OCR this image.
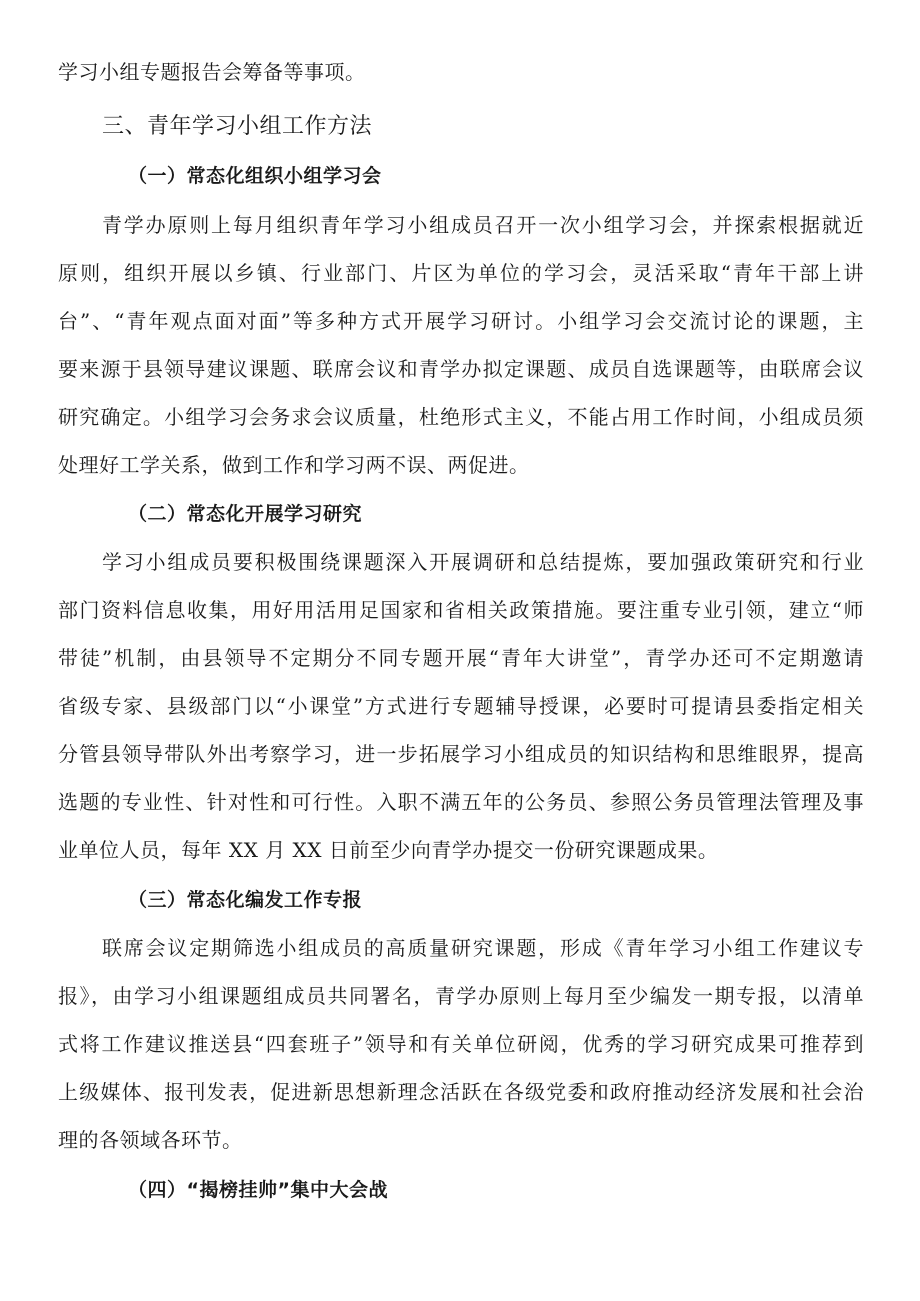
学习小组专题报告会筹备等事项。
三、青年学习小组工作方法
（一）常态化组织小组学习会
青学办原则上每月组织青年学习小组成员召开一次小组学习会，并探索根据就近
原则，组织开展以乡镇、行业部门、片区为单位的学习会，灵活采取“青年干部上讲
台”、“青年观点面对面”等多种方式开展学习研讨。小组学习会交流讨论的课题，主
要来源于县领导建议课题、联席会议和青学办拟定课题、成员自选课题等，由联席会议
研究确定。小组学习会务求会议质量，杜绝形式主义，不能占用工作时间，小组成员须
处理好工学关系，做到工作和学习两不误、两促进。
（二）常态化开展学习研究
学习小组成员要积极围绕课题深入开展调研和总结提炼，要加强政策研究和行业
部门资料信息收集，用好用活用足国家和省相关政策措施。要注重专业引领，建立“师
带徒”机制，由县领导不定期分不同专题开展“青年大讲堂”，青学办还可不定期邀请
省级专家、县级部门以“小课堂”方式进行专题辅导授课，必要时可提请县委指定相关
分管县领导带队外出考察学习，进一步拓展学习小组成员的知识结构和思维眼界，提高
选题的专业性、针对性和可行性。入职不满五年的公务员、参照公务员管理法管理及事
业单位人员，每年 XX 月 XX 日前至少向青学办提交一份研究课题成果。
（三）常态化编发工作专报
联席会议定期筛选小组成员的高质量研究课题，形成《青年学习小组工作建议专
报》，由学习小组课题组成员共同署名，青学办原则上每月至少编发一期专报，以清单
式将工作建议推送县“四套班子”领导和有关单位研阅，优秀的学习研究成果可推荐到
上级媒体、报刊发表，促进新思想新理念活跃在各级党委和政府推动经济发展和社会治
理的各领域各环节。
（四）“揭榜挂帅”集中大会战
